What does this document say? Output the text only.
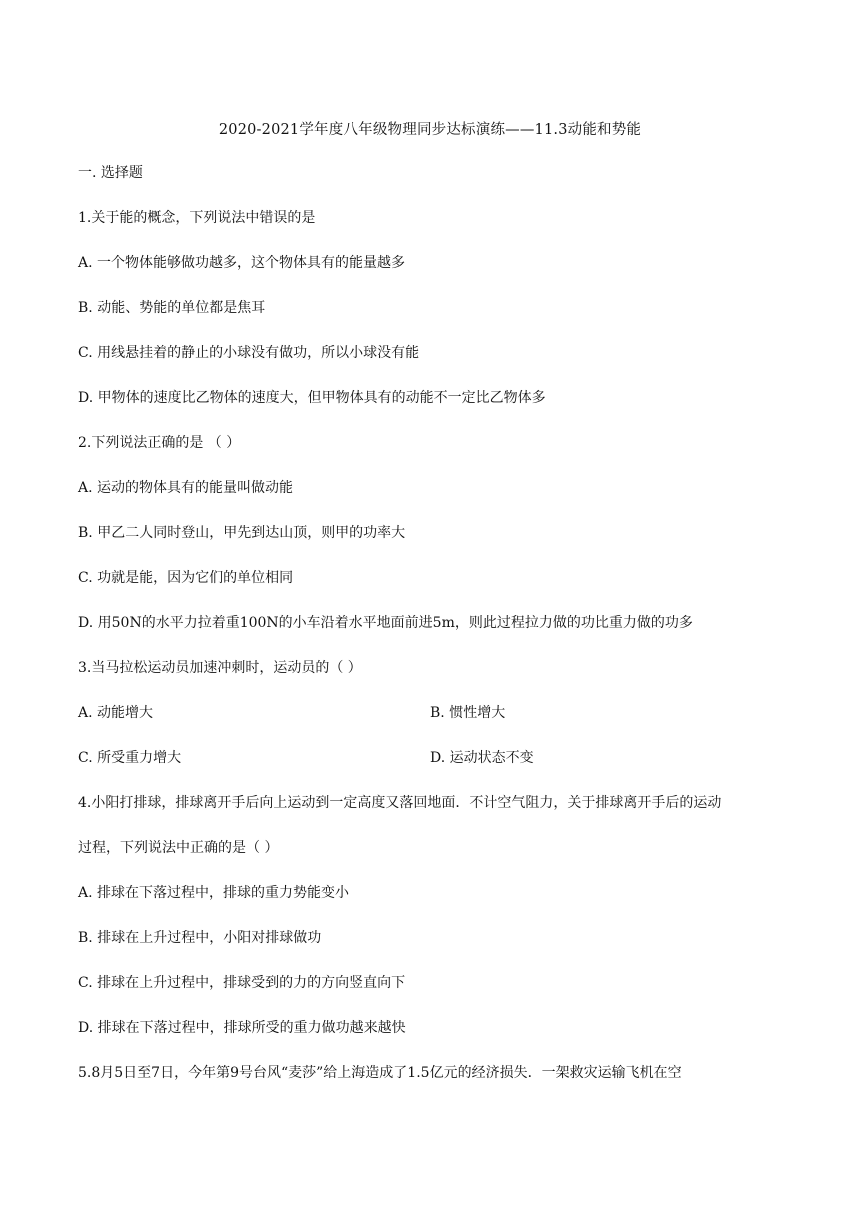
2020-2021学年度八年级物理同步达标演练——11.3动能和势能
一. 选择题
1.关于能的概念，下列说法中错误的是
A. 一个物体能够做功越多，这个物体具有的能量越多
B. 动能、势能的单位都是焦耳
C. 用线悬挂着的静止的小球没有做功，所以小球没有能
D. 甲物体的速度比乙物体的速度大，但甲物体具有的动能不一定比乙物体多
2.下列说法正确的是 （ ）
A. 运动的物体具有的能量叫做动能
B. 甲乙二人同时登山，甲先到达山顶，则甲的功率大
C. 功就是能，因为它们的单位相同
D. 用50N的水平力拉着重100N的小车沿着水平地面前进5m，则此过程拉力做的功比重力做的功多
3.当马拉松运动员加速冲刺时，运动员的（ ）
A. 动能增大	B. 惯性增大
C. 所受重力增大	D. 运动状态不变
4.小阳打排球，排球离开手后向上运动到一定高度又落回地面．不计空气阻力，关于排球离开手后的运动
过程，下列说法中正确的是（ ）
A. 排球在下落过程中，排球的重力势能变小
B. 排球在上升过程中，小阳对排球做功
C. 排球在上升过程中，排球受到的力的方向竖直向下
D. 排球在下落过程中，排球所受的重力做功越来越快
5.8月5日至7日，今年第9号台风“麦莎”给上海造成了1.5亿元的经济损失．一架救灾运输飞机在空
